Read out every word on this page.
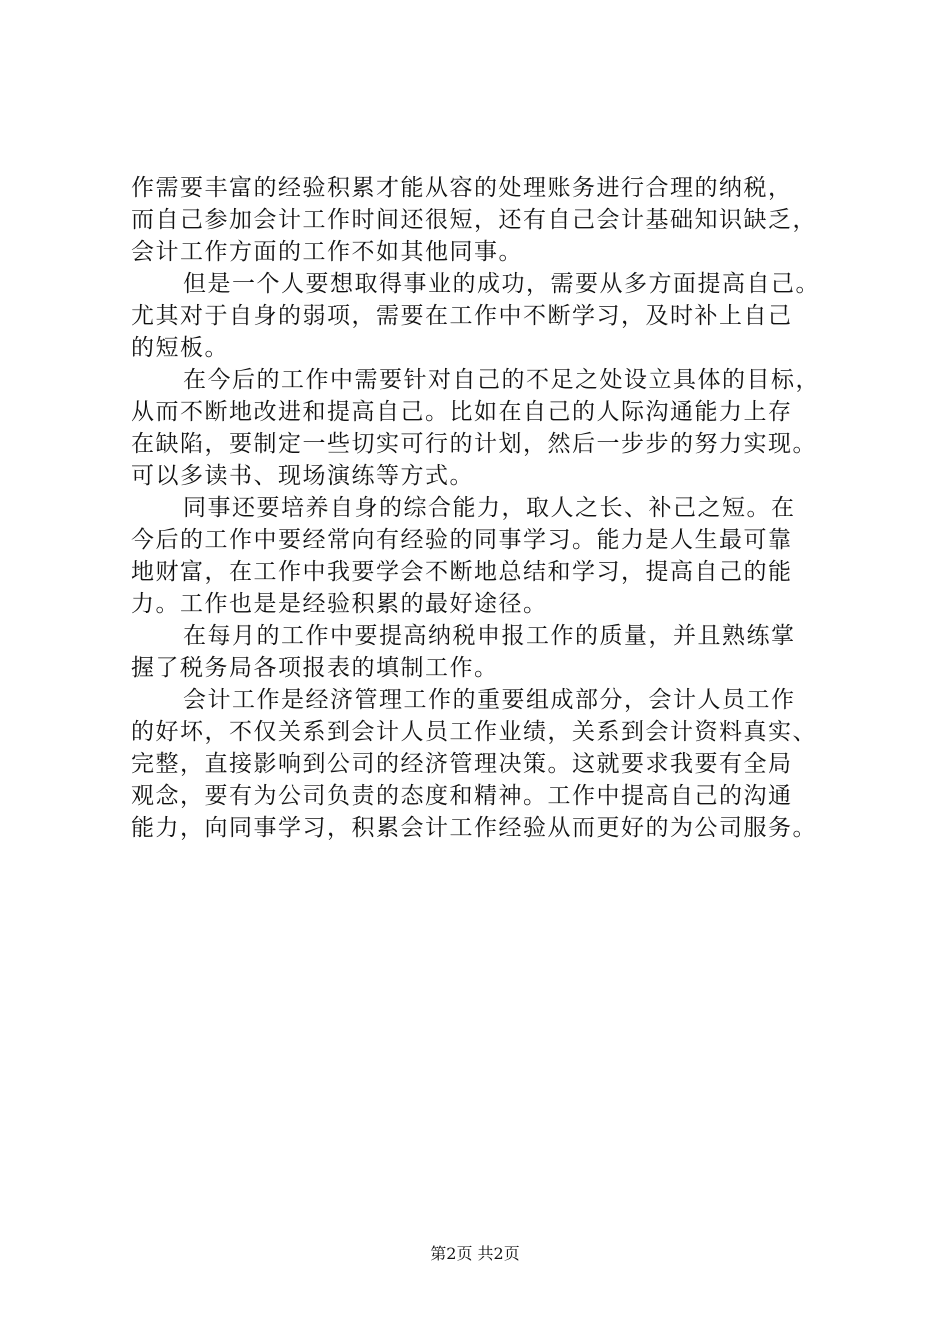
作需要丰富的经验积累才能从容的处理账务进行合理的纳税，
而自己参加会计工作时间还很短，还有自己会计基础知识缺乏，
会计工作方面的工作不如其他同事。
但是一个人要想取得事业的成功，需要从多方面提高自己。
尤其对于自身的弱项，需要在工作中不断学习，及时补上自己
的短板。
在今后的工作中需要针对自己的不足之处设立具体的目标，
从而不断地改进和提高自己。比如在自己的人际沟通能力上存
在缺陷，要制定一些切实可行的计划，然后一步步的努力实现。
可以多读书、现场演练等方式。
同事还要培养自身的综合能力，取人之长、补己之短。在
今后的工作中要经常向有经验的同事学习。能力是人生最可靠
地财富，在工作中我要学会不断地总结和学习，提高自己的能
力。工作也是是经验积累的最好途径。
在每月的工作中要提高纳税申报工作的质量，并且熟练掌
握了税务局各项报表的填制工作。
会计工作是经济管理工作的重要组成部分，会计人员工作
的好坏，不仅关系到会计人员工作业绩，关系到会计资料真实、
完整，直接影响到公司的经济管理决策。这就要求我要有全局
观念，要有为公司负责的态度和精神。工作中提高自己的沟通
能力，向同事学习，积累会计工作经验从而更好的为公司服务。
第2页 共2页
